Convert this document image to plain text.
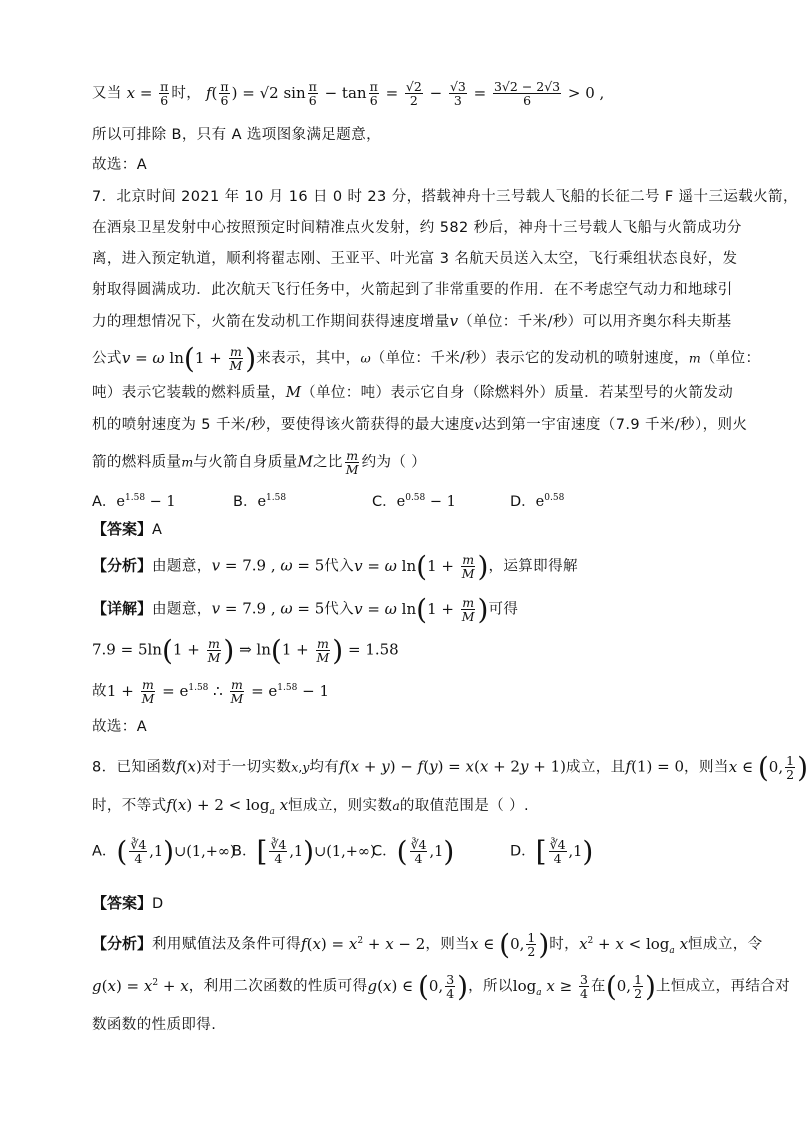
又当 $x = \frac{\pi}{6}$ 时， $f( \frac{\pi}{6}$ ) = √2 $\sin \frac{\pi}{6} - \tan \frac{\pi}{6} = \frac{√2}{2} - \frac{√3}{3} = \frac{3√2 - 2√3}{6} > 0$ ,
所以可排除 B，只有 A 选项图象满足题意，
故选：A
7．北京时间 2021 年 10 月 16 日 0 时 23 分，搭载神舟十三号载人飞船的长征二号 F 遥十三运载火箭，
在酒泉卫星发射中心按照预定时间精准点火发射，约 582 秒后，神舟十三号载人飞船与火箭成功分
离，进入预定轨道，顺利将翟志刚、王亚平、叶光富 3 名航天员送入太空，飞行乘组状态良好，发
射取得圆满成功．此次航天飞行任务中，火箭起到了非常重要的作用．在不考虑空气动力和地球引
力的理想情况下，火箭在发动机工作期间获得速度增量v（单位：千米/秒）可以用齐奥尔科夫斯基
公式v = ω $\ln(1 + \frac{m}{M}$ )来表示，其中，ω（单位：千米/秒）表示它的发动机的喷射速度，m（单位：
吨）表示它装载的燃料质量，M（单位：吨）表示它自身（除燃料外）质量．若某型号的火箭发动
机的喷射速度为 5 千米/秒，要使得该火箭获得的最大速度v达到第一宇宙速度（7.9 千米/秒），则火
箭的燃料质量m与火箭自身质量M之比 $\frac{m}{M}$ 约为（ ）
A．$e^{1.58} - 1$	B．$e^{1.58}$	C．$e^{0.58} - 1$	D．$e^{0.58}$
【答案】A
【分析】由题意，v = 7.9 , ω = 5代入v = ω $\ln(1 + \frac{m}{M}$ )，运算即得解
【详解】由题意，v = 7.9 , ω = 5代入v = ω $\ln(1 + \frac{m}{M}$ )可得
$7.9 = 5\ln(1 + \frac{m}{M}$ ) ⇒ $\ln(1 + \frac{m}{M}$ ) = 1.58
故$1 + \frac{m}{M} = e^{1.58}$ ∴ $\frac{m}{M} = e^{1.58} - 1$
故选：A
8．已知函数f(x)对于一切实数x,y均有f(x + y) − f(y) = x(x + 2y + 1)成立，且f(1) = 0，则当x ∈ (0, $\frac{1}{2}$ )
时，不等式$f(x) + 2 < \log_a x$恒成立，则实数a的取值范围是（ ）.
A．( $\frac{∛4}{4}$ ,1)∪(1,+∞)
B．[ $\frac{∛4}{4}$ ,1)∪(1,+∞)
C．( $\frac{∛4}{4} ,1$)	D．[ $\frac{∛4}{4} ,1$)
【答案】D
【分析】利用赋值法及条件可得$f(x) = x^2 + x - 2$，则当x ∈ (0, $\frac{1}{2}$ )时，$x^2 + x < \log_a x$恒成立，令
$g(x) = x^2 + x$，利用二次函数的性质可得g(x) ∈ (0, $\frac{3}{4}$ )，所以$\log_a x \ge \frac{3}{4}$ 在(0, $\frac{1}{2}$ )上恒成立，再结合对
数函数的性质即得.
